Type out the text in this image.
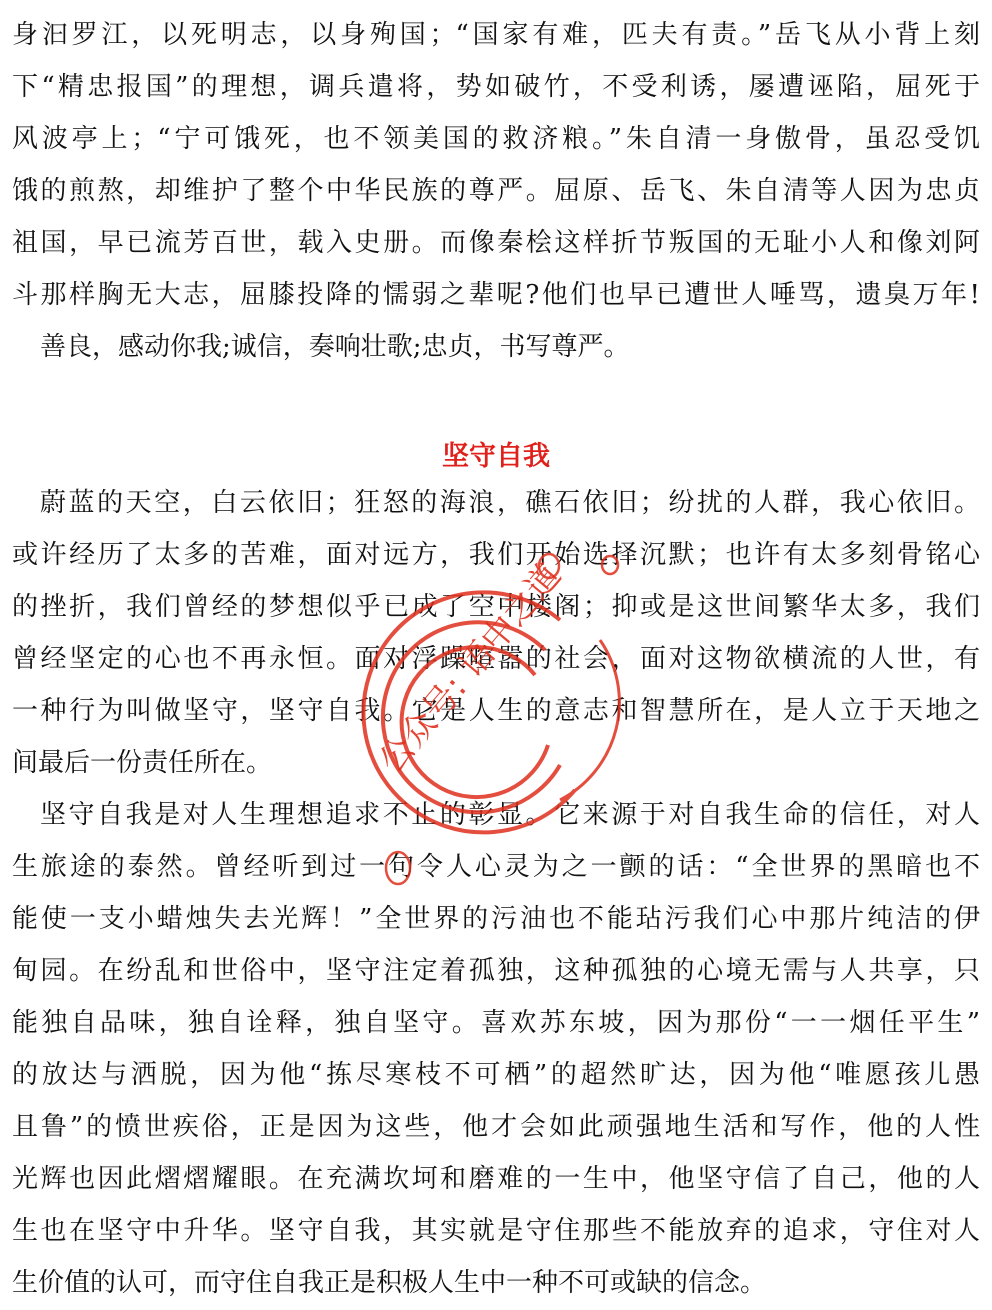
身汩罗江，以死明志，以身殉国；“国家有难，匹夫有责。”岳飞从小背上刻
下“精忠报国”的理想，调兵遣将，势如破竹，不受利诱，屡遭诬陷，屈死于
风波亭上；“宁可饿死，也不领美国的救济粮。”朱自清一身傲骨，虽忍受饥
饿的煎熬，却维护了整个中华民族的尊严。屈原、岳飞、朱自清等人因为忠贞
祖国，早已流芳百世，载入史册。而像秦桧这样折节叛国的无耻小人和像刘阿
斗那样胸无大志，屈膝投降的懦弱之辈呢?他们也早已遭世人唾骂，遗臭万年!
善良，感动你我;诚信，奏响壮歌;忠贞，书写尊严。
坚守自我
蔚蓝的天空，白云依旧；狂怒的海浪，礁石依旧；纷扰的人群，我心依旧。
或许经历了太多的苦难，面对远方，我们开始选择沉默；也许有太多刻骨铭心
的挫折，我们曾经的梦想似乎已成了空中楼阁；抑或是这世间繁华太多，我们
曾经坚定的心也不再永恒。面对浮躁喧嚣的社会，面对这物欲横流的人世，有
一种行为叫做坚守，坚守自我。它是人生的意志和智慧所在，是人立于天地之
间最后一份责任所在。
坚守自我是对人生理想追求不止的彰显。它来源于对自我生命的信任，对人
生旅途的泰然。曾经听到过一句令人心灵为之一颤的话：“全世界的黑暗也不
能使一支小蜡烛失去光辉！”全世界的污油也不能玷污我们心中那片纯洁的伊
甸园。在纷乱和世俗中，坚守注定着孤独，这种孤独的心境无需与人共享，只
能独自品味，独自诠释，独自坚守。喜欢苏东坡，因为那份“一一烟任平生”
的放达与洒脱，因为他“拣尽寒枝不可栖”的超然旷达，因为他“唯愿孩儿愚
且鲁”的愤世疾俗，正是因为这些，他才会如此顽强地生活和写作，他的人性
光辉也因此熠熠耀眼。在充满坎坷和磨难的一生中，他坚守信了自己，他的人
生也在坚守中升华。坚守自我，其实就是守住那些不能放弃的追求，守住对人
生价值的认可，而守住自我正是积极人生中一种不可或缺的信念。
公众号: 语中之道
